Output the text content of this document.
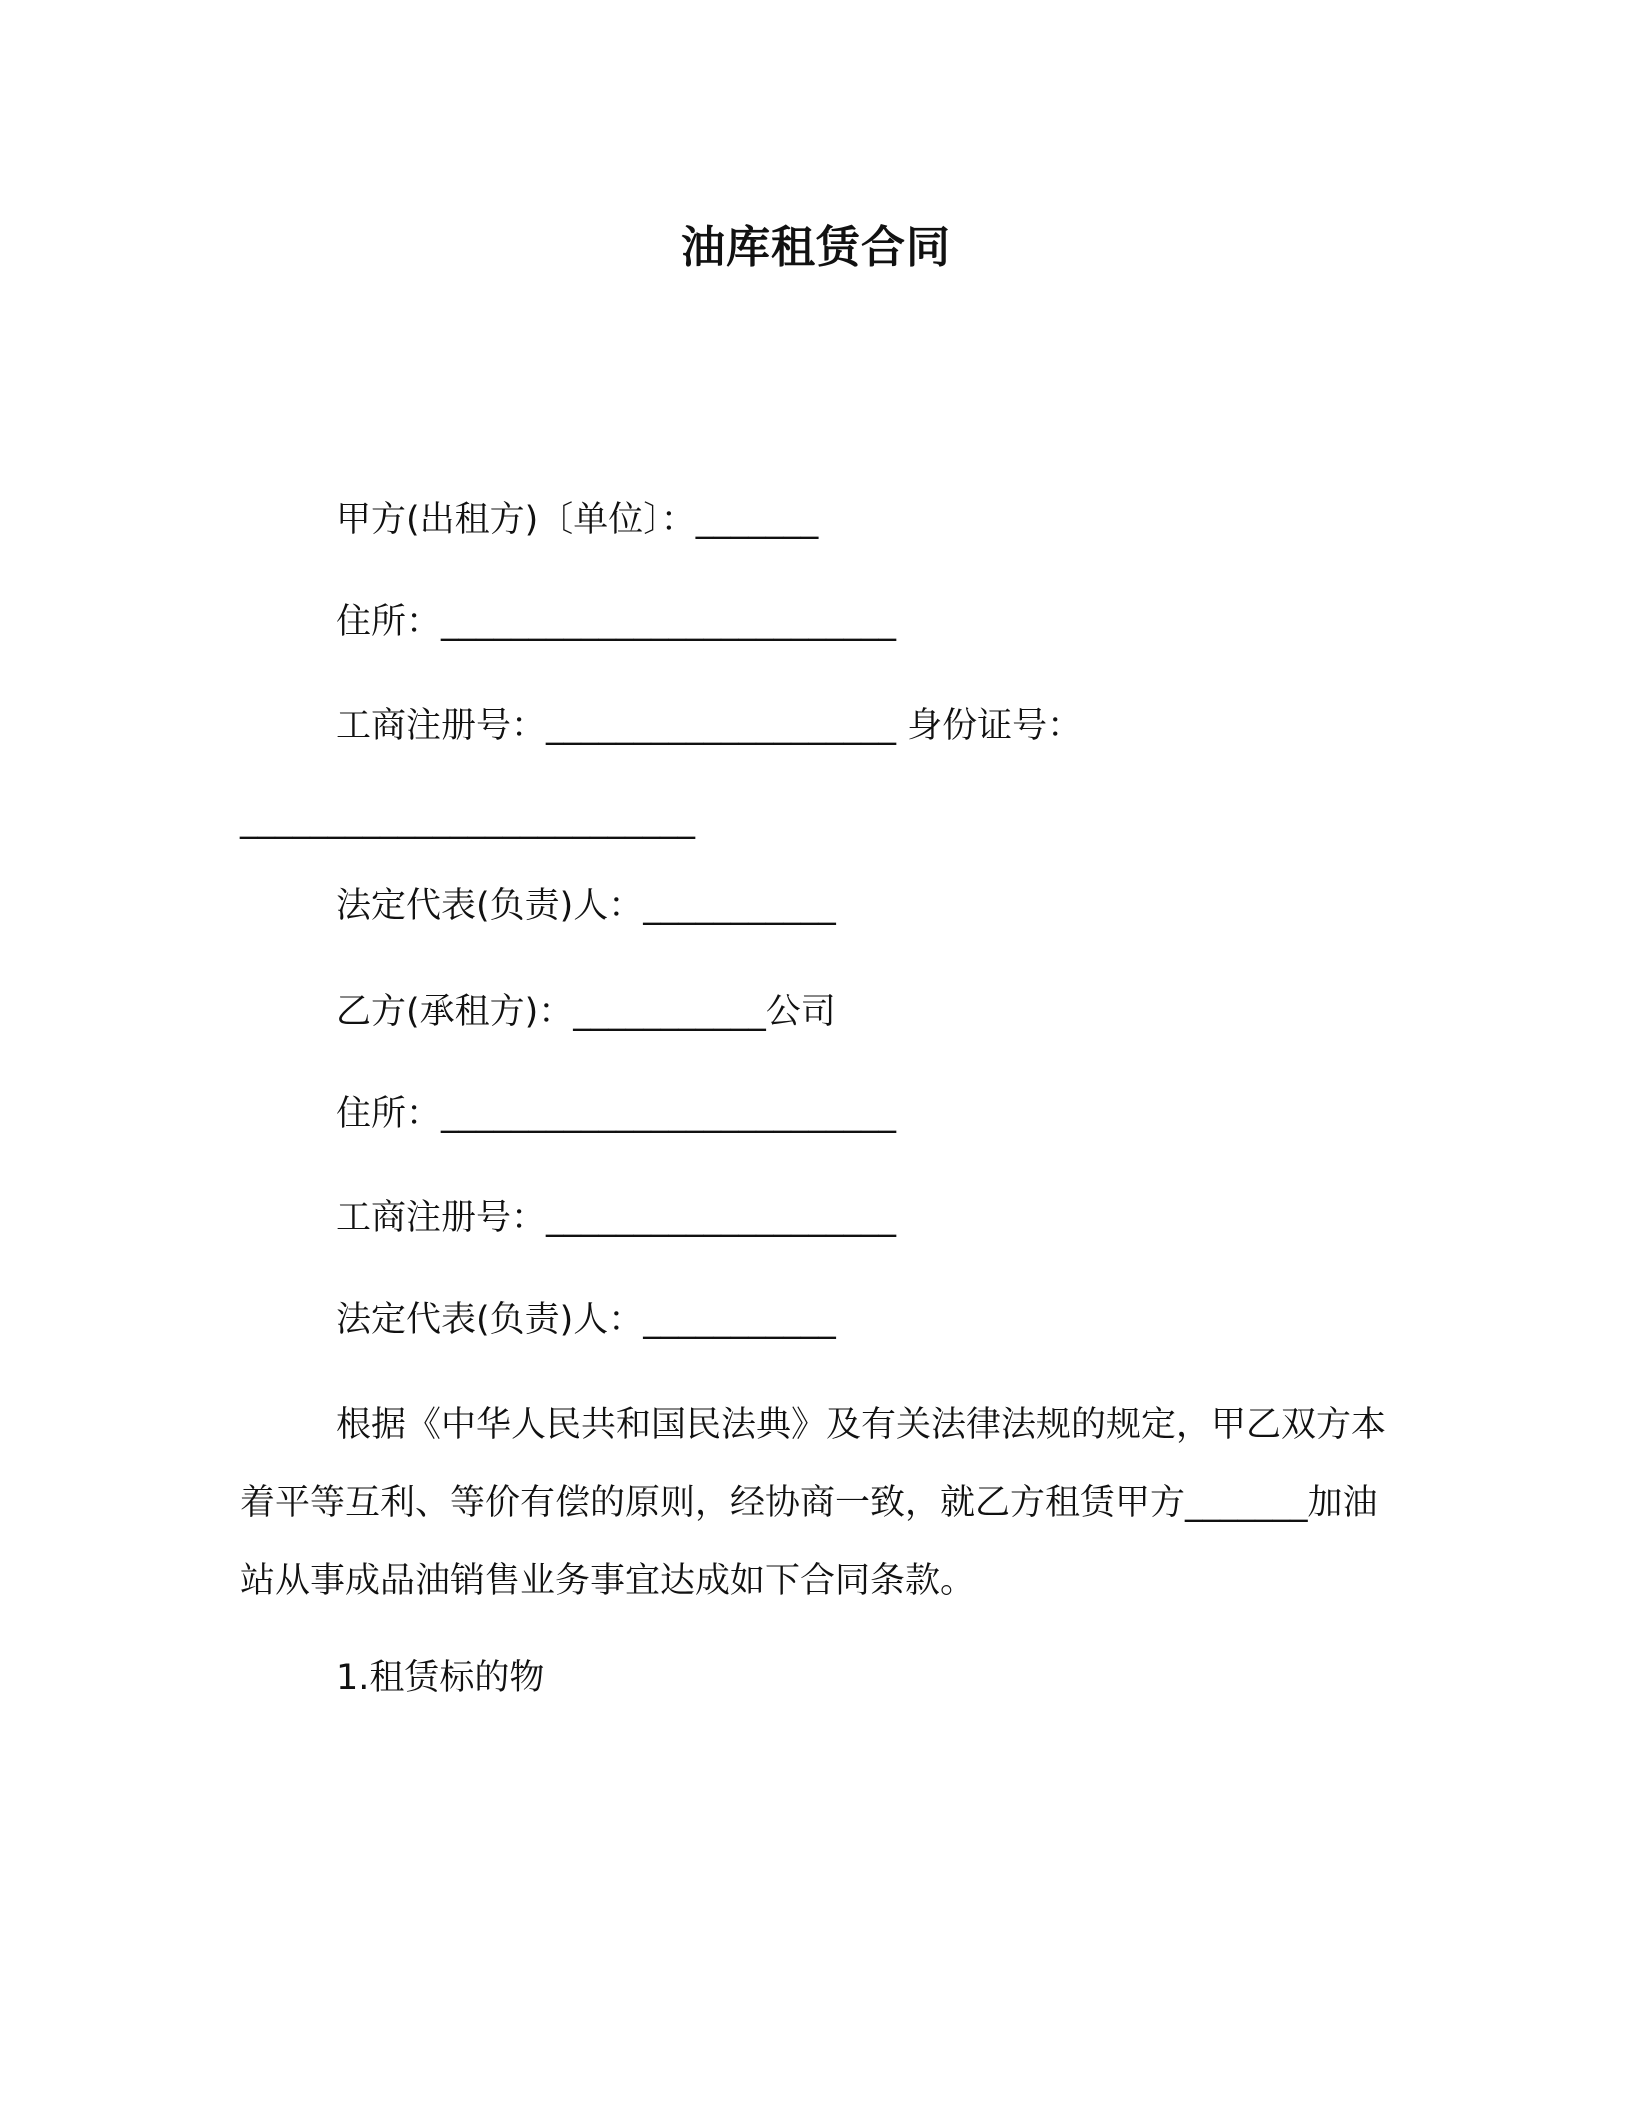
油库租赁合同

甲方(出租方)〔单位〕：_______

住所：__________________________

工商注册号：____________________ 身份证号：

__________________________

法定代表(负责)人：___________

乙方(承租方)：___________公司

住所：__________________________

工商注册号：____________________

法定代表(负责)人：___________

根据《中华人民共和国民法典》及有关法律法规的规定，甲乙双方本着平等互利、等价有偿的原则，经协商一致，就乙方租赁甲方_______加油站从事成品油销售业务事宜达成如下合同条款。

1.租赁标的物
